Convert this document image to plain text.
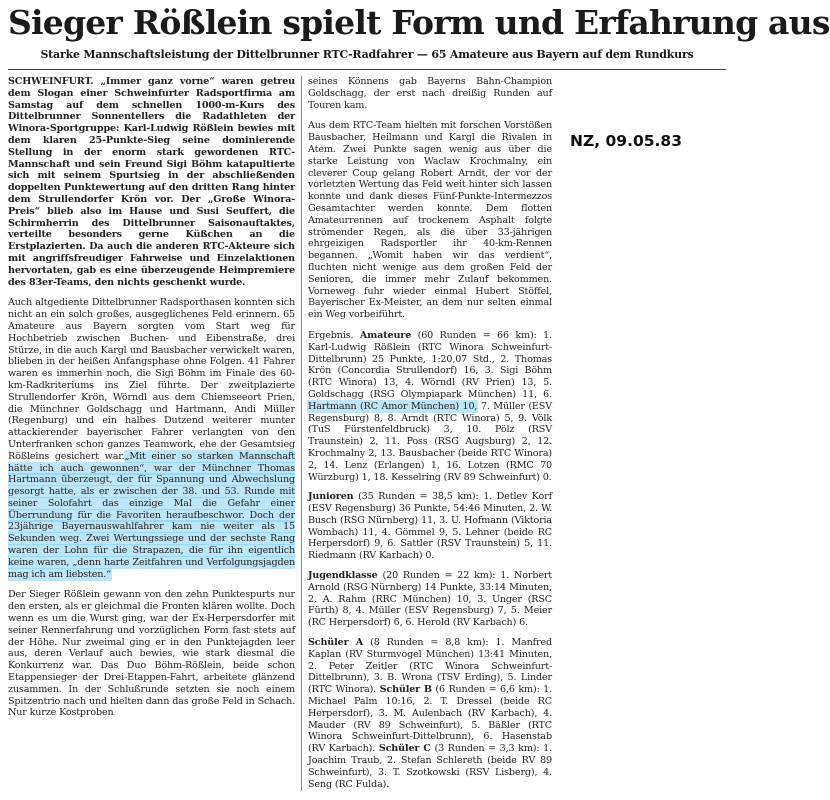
Sieger Rößlein spielt Form und Erfahrung aus
Starke Mannschaftsleistung der Dittelbrunner RTC-Radfahrer — 65 Amateure aus Bayern auf dem Rundkurs

SCHWEINFURT. „Immer ganz vorne“ waren getreu dem Slogan einer Schweinfurter Radsportfirma am Samstag auf dem schnellen 1000-m-Kurs des Dittelbrunner Sonnentellers die Radathleten der Winora-Sportgruppe: Karl-Ludwig Rößlein bewies mit dem klaren 25-Punkte-Sieg seine dominierende Stellung in der enorm stark gewordenen RTC-Mannschaft und sein Freund Sigi Böhm katapultierte sich mit seinem Spurtsieg in der abschließenden doppelten Punktewertung auf den dritten Rang hinter dem Strullendorfer Krön vor. Der „Große Winora-Preis“ blieb also im Hause und Susi Seuffert, die Schirmherrin des Dittelbrunner Saisonauftaktes, verteilte besonders gerne Küßchen an die Erstplazierten. Da auch die anderen RTC-Akteure sich mit angriffsfreudiger Fahrweise und Einzelaktionen hervortaten, gab es eine überzeugende Heimpremiere des 83er-Teams, den nichts geschenkt wurde.

Auch altgediente Dittelbrunner Radsporthasen konnten sich nicht an ein solch großes, ausgeglichenes Feld erinnern. 65 Amateure aus Bayern sorgten vom Start weg für Hochbetrieb zwischen Buchen- und Eibenstraße, drei Stürze, in die auch Kargl und Bausbacher verwickelt waren, blieben in der heißen Anfangsphase ohne Folgen. 41 Fahrer waren es immerhin noch, die Sigi Böhm im Finale des 60-km-Radkriteriums ins Ziel führte. Der zweitplazierte Strullendorfer Krön, Wörndl aus dem Chiemseeort Prien, die Münchner Goldschagg und Hartmann, Andi Müller (Regenburg) und ein halbes Dutzend weiterer munter attackierender bayerischer Fahrer verlangten von den Unterfranken schon ganzes Teamwork, ehe der Gesamtsieg Rößleins gesichert war.„Mit einer so starken Mannschaft hätte ich auch gewonnen“, war der Münchner Thomas Hartmann überzeugt, der für Spannung und Abwechslung gesorgt hatte, als er zwischen der 38. und 53. Runde mit seiner Solofahrt das einzige Mal die Gefahr einer Überrundung für die Favoriten heraufbeschwor. Doch der 23jährige Bayernauswahlfahrer kam nie weiter als 15 Sekunden weg. Zwei Wertungssiege und der sechste Rang waren der Lohn für die Strapazen, die für ihn eigentlich keine waren, „denn harte Zeitfahren und Verfolgungsjagden mag ich am liebsten.“

Der Sieger Rößlein gewann von den zehn Punktespurts nur den ersten, als er gleichmal die Fronten klären wollte. Doch wenn es um die Wurst ging, war der Ex-Herpersdorfer mit seiner Rennerfahrung und vorzüglichen Form fast stets auf der Höhe. Nur zweimal ging er in den Punktejagden leer aus, deren Verlauf auch bewies, wie stark diesmal die Konkurrenz war. Das Duo Böhm-Rößlein, beide schon Etappensieger der Drei-Etappen-Fahrt, arbeitete glänzend zusammen. In der Schlußrunde setzten sie noch einem Spitzentrio nach und hielten dann das große Feld in Schach. Nur kurze Kostproben

seines Könnens gab Bayerns Bahn-Champion Goldschagg, der erst nach dreißig Runden auf Touren kam.

Aus dem RTC-Team hielten mit forschen Vorstößen Bausbacher, Heilmann und Kargl die Rivalen in Atem. Zwei Punkte sagen wenig aus über die starke Leistung von Waclaw Krochmalny, ein cleverer Coup gelang Robert Arndt, der vor der vorletzten Wertung das Feld weit hinter sich lassen konnte und dank dieses Fünf-Punkte-Intermezzos Gesamtachter werden konnte. Dem flotten Amateurrennen auf trockenem Asphalt folgte strömender Regen, als die über 33-jährigen ehrgeizigen Radsportler ihr 40-km-Rennen begannen. „Womit haben wir das verdient“, fluchten nicht wenige aus dem großen Feld der Senioren, die immer mehr Zulauf bekommen. Vorneweg fuhr wieder einmal Hubert Stöffel, Bayerischer Ex-Meister, an dem nur selten einmal ein Weg vorbeiführt.

Ergebnis. Amateure (60 Runden = 66 km): 1. Karl-Ludwig Rößlein (RTC Winora Schweinfurt-Dittelbrunn) 25 Punkte, 1:20,07 Std., 2. Thomas Krön (Concordia Strullendorf) 16, 3. Sigi Böhm (RTC Winora) 13, 4. Wörndl (RV Prien) 13, 5. Goldschagg (RSG Olympiapark München) 11, 6. Hartmann (RC Amor München) 10, 7. Müller (ESV Regensburg) 8, 8. Arndt (RTC Winora) 5, 9. Völk (TuS Fürstenfeldbruck) 3, 10. Pölz (RSV Traunstein) 2, 11. Poss (RSG Augsburg) 2, 12. Krochmalny 2, 13. Bausbacher (beide RTC Winora) 2, 14. Lenz (Erlangen) 1, 16. Lotzen (RMC 70 Würzburg) 1, 18. Kesselring (RV 89 Schweinfurt) 0.

Junioren (35 Runden = 38,5 km): 1. Detlev Korf (ESV Regensburg) 36 Punkte, 54:46 Minuten, 2. W. Busch (RSG Nürnberg) 11, 3. U. Hofmann (Viktoria Wombach) 11, 4. Gömmel 9, 5. Lehner (beide RC Herpersdorf) 9, 6. Sattler (RSV Traunstein) 5, 11. Riedmann (RV Karbach) 0.

Jugendklasse (20 Runden = 22 km): 1. Norbert Arnold (RSG Nürnberg) 14 Punkte, 33:14 Minuten, 2. A. Rahm (RRC München) 10, 3. Unger (RSC Fürth) 8, 4. Müller (ESV Regensburg) 7, 5. Meier (RC Herpersdorf) 6, 6. Herold (RV Karbach) 6.

Schüler A (8 Runden = 8,8 km): 1. Manfred Kaplan (RV Sturmvogel München) 13:41 Minuten, 2. Peter Zeitler (RTC Winora Schweinfurt-Dittelbrunn), 3. B. Wrona (TSV Erding), 5. Linder (RTC Winora). Schüler B (6 Runden = 6,6 km): 1. Michael Palm 10:16, 2. T. Dressel (beide RC Herpersdorf), 3. M. Aulenbach (RV Karbach), 4. Mauder (RV 89 Schweinfurt), 5. Bäßler (RTC Winora Schweinfurt-Dittelbrunn), 6. Hasenstab (RV Karbach). Schüler C (3 Runden = 3,3 km): 1. Joachim Traub, 2. Stefan Schlereth (beide RV 89 Schweinfurt), 3. T. Szotkowski (RSV Lisberg), 4. Seng (RC Fulda).

NZ, 09.05.83
